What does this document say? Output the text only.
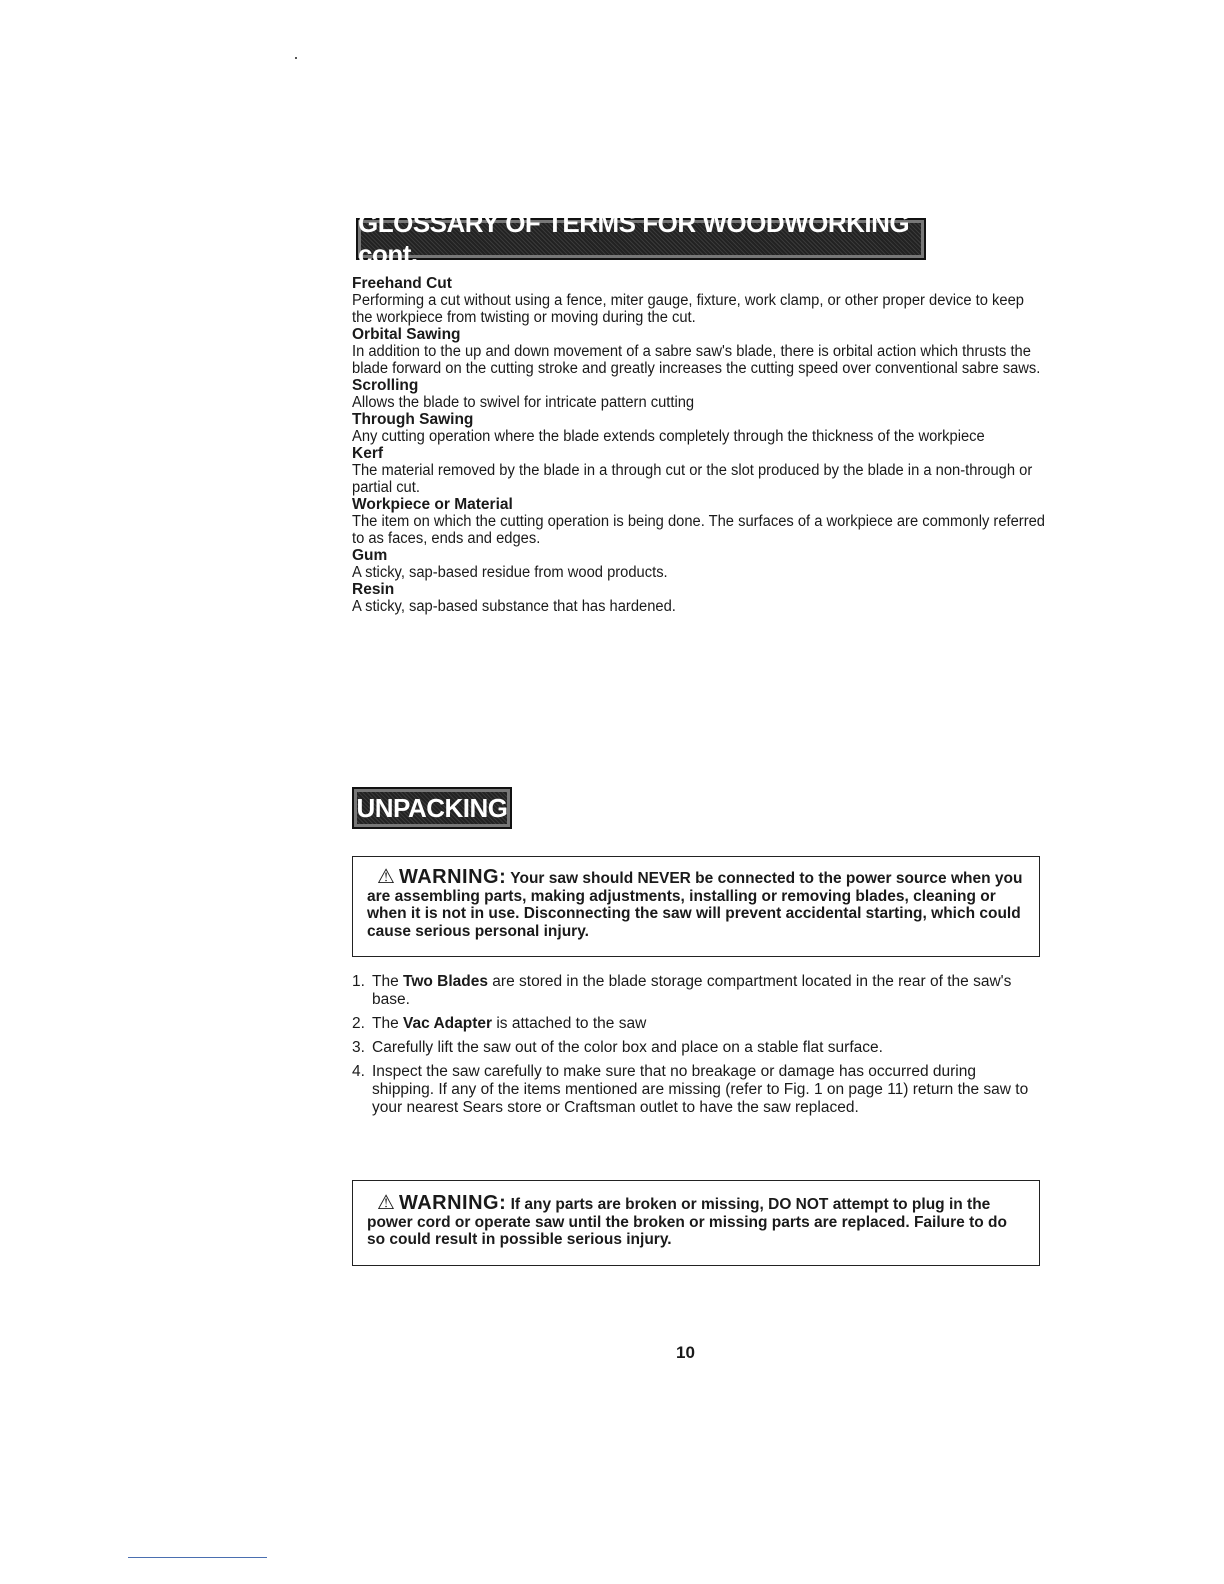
GLOSSARY OF TERMS FOR WOODWORKING cont.
Freehand Cut
Performing a cut without using a fence, miter gauge, fixture, work clamp, or other proper device to keep the workpiece from twisting or moving during the cut.
Orbital Sawing
In addition to the up and down movement of a sabre saw's blade, there is orbital action which thrusts the blade forward on the cutting stroke and greatly increases the cutting speed over conventional sabre saws.
Scrolling
Allows the blade to swivel for intricate pattern cutting
Through Sawing
Any cutting operation where the blade extends completely through the thickness of the workpiece
Kerf
The material removed by the blade in a through cut or the slot produced by the blade in a non-through or partial cut.
Workpiece or Material
The item on which the cutting operation is being done. The surfaces of a workpiece are commonly referred to as faces, ends and edges.
Gum
A sticky, sap-based residue from wood products.
Resin
A sticky, sap-based substance that has hardened.
UNPACKING
⚠ WARNING: Your saw should NEVER be connected to the power source when you are assembling parts, making adjustments, installing or removing blades, cleaning or when it is not in use. Disconnecting the saw will prevent accidental starting, which could cause serious personal injury.
1. The Two Blades are stored in the blade storage compartment located in the rear of the saw's base.
2. The Vac Adapter is attached to the saw
3. Carefully lift the saw out of the color box and place on a stable flat surface.
4. Inspect the saw carefully to make sure that no breakage or damage has occurred during shipping. If any of the items mentioned are missing (refer to Fig. 1 on page 11) return the saw to your nearest Sears store or Craftsman outlet to have the saw replaced.
⚠ WARNING: If any parts are broken or missing, DO NOT attempt to plug in the power cord or operate saw until the broken or missing parts are replaced. Failure to do so could result in possible serious injury.
10
